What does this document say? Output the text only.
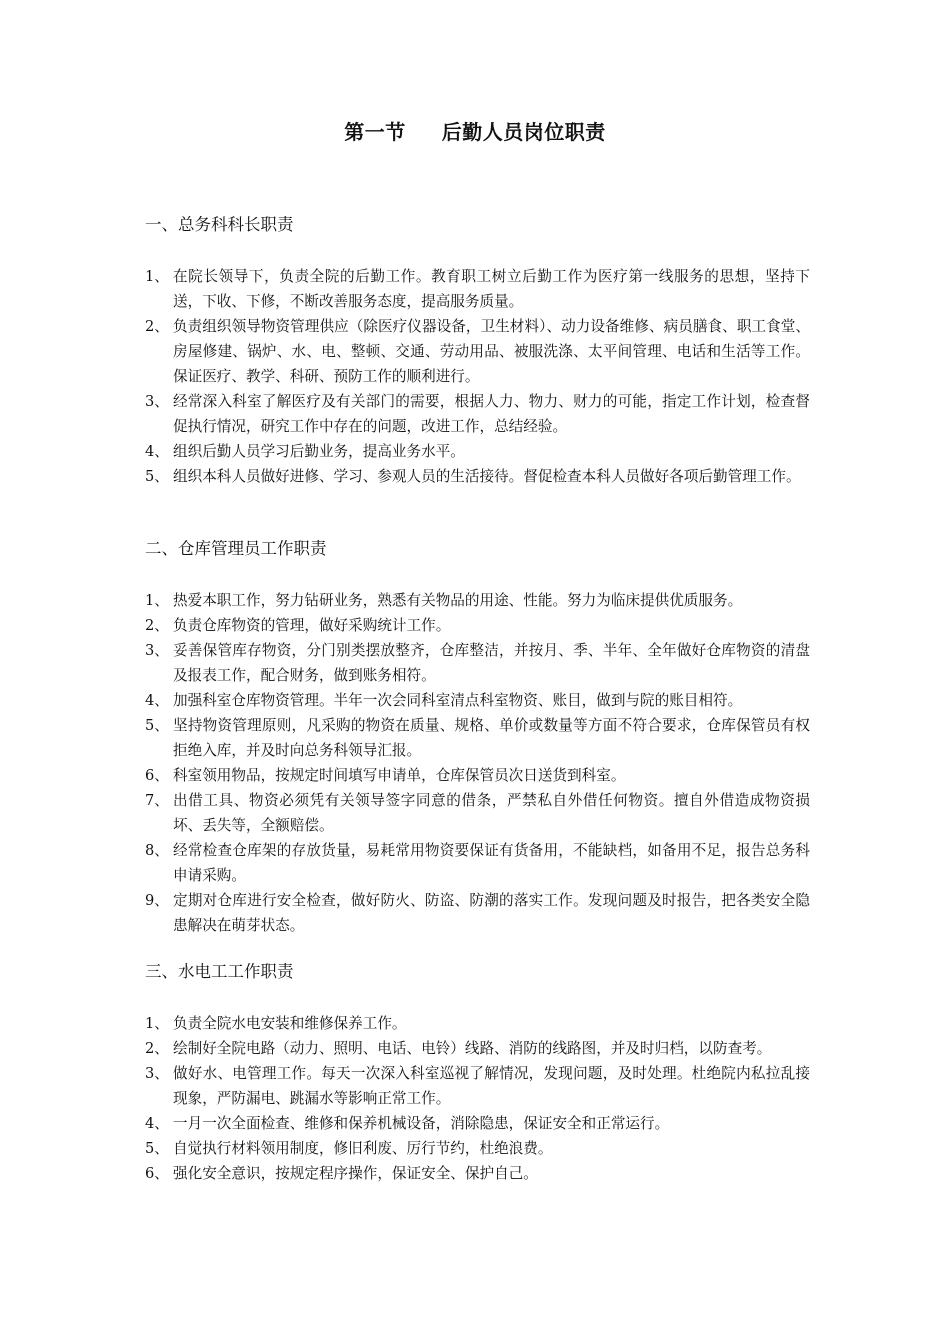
第一节 后勤人员岗位职责
一、总务科科长职责
1、 在院长领导下，负责全院的后勤工作。教育职工树立后勤工作为医疗第一线服务的思想，坚持下送，下收、下修，不断改善服务态度，提高服务质量。
2、 负责组织领导物资管理供应（除医疗仪器设备，卫生材料）、动力设备维修、病员膳食、职工食堂、房屋修建、锅炉、水、电、整顿、交通、劳动用品、被服洗涤、太平间管理、电话和生活等工作。保证医疗、教学、科研、预防工作的顺利进行。
3、 经常深入科室了解医疗及有关部门的需要，根据人力、物力、财力的可能，指定工作计划，检查督促执行情况，研究工作中存在的问题，改进工作，总结经验。
4、 组织后勤人员学习后勤业务，提高业务水平。
5、 组织本科人员做好进修、学习、参观人员的生活接待。督促检查本科人员做好各项后勤管理工作。
二、仓库管理员工作职责
1、 热爱本职工作，努力钻研业务，熟悉有关物品的用途、性能。努力为临床提供优质服务。
2、 负责仓库物资的管理，做好采购统计工作。
3、 妥善保管库存物资，分门别类摆放整齐，仓库整洁，并按月、季、半年、全年做好仓库物资的清盘及报表工作，配合财务，做到账务相符。
4、 加强科室仓库物资管理。半年一次会同科室清点科室物资、账目，做到与院的账目相符。
5、 坚持物资管理原则，凡采购的物资在质量、规格、单价或数量等方面不符合要求，仓库保管员有权拒绝入库，并及时向总务科领导汇报。
6、 科室领用物品，按规定时间填写申请单，仓库保管员次日送货到科室。
7、 出借工具、物资必须凭有关领导签字同意的借条，严禁私自外借任何物资。擅自外借造成物资损坏、丢失等，全额赔偿。
8、 经常检查仓库架的存放货量，易耗常用物资要保证有货备用，不能缺档，如备用不足，报告总务科申请采购。
9、 定期对仓库进行安全检查，做好防火、防盗、防潮的落实工作。发现问题及时报告，把各类安全隐患解决在萌芽状态。
三、水电工工作职责
1、 负责全院水电安装和维修保养工作。
2、 绘制好全院电路（动力、照明、电话、电铃）线路、消防的线路图，并及时归档，以防查考。
3、 做好水、电管理工作。每天一次深入科室巡视了解情况，发现问题，及时处理。杜绝院内私拉乱接现象，严防漏电、跳漏水等影响正常工作。
4、 一月一次全面检查、维修和保养机械设备，消除隐患，保证安全和正常运行。
5、 自觉执行材料领用制度，修旧利废、厉行节约，杜绝浪费。
6、 强化安全意识，按规定程序操作，保证安全、保护自己。
